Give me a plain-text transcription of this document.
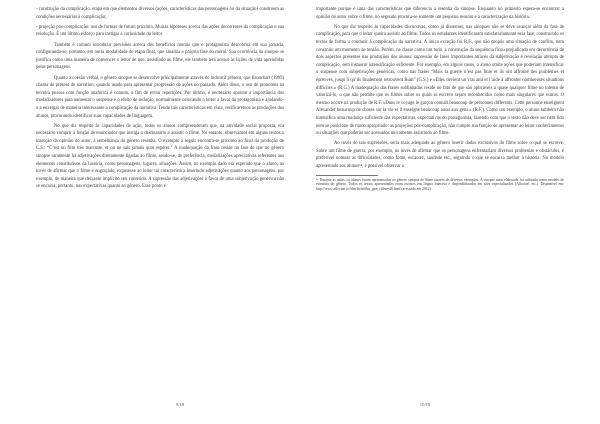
- construção da complicação: etapa em que elementos diversos (ações, características das personagens ou da situação) constroem as condições necessárias à complicação;

- projeção pós-complicação: uso de formas de futuro próximo. Muitas hipóteses acerca das ações decorrentes da complicação e sua resolução. É um último esforço para instigar a curiosidade do leitor.

Também é comum introduzir previsões acerca dos benefícios morais que o protagonista descobrirá em sua jornada, configurando-se, portanto, em outra modalidade de etapa final, que sinaliza a própria fase do moral. Sua ocorrência na sinopse se justifica como uma maneira de convencer o leitor de que, assistindo ao filme, ele também terá acesso às lições de vida aprendidas pelas personagens.

Quanto à coesão verbal, o gênero sinopse se desenvolve principalmente através do indicatif présent, que Bronckart (1999) chama de présent de narration, quando usado para apresentar progressão de ações no passado. Além disso, o uso de pronomes na terceira pessoa com função anafórica é comum, a fim de evitar repetições. Por último, é necessário apontar a importância dos modalizadores para aumentar o suspense e o efeito de sedução, normalmente colocando o leitor a favor do protagonista e ajudando-o a enxergar de maneira interessante a complicação da narrativa. Tendo tais características em vista, verificaremos as produções dos alunos, procurando identificar suas capacidades de linguagem.

No que diz respeito às capacidades de ação, todos os alunos compreenderam que, na atividade social proposta, era necessário cumprir à função de enunciador que instiga o destinatário a assistir o filme. No entanto, observamos em alguns textos a inserção da opinião do autor, à semelhança do gênero resenha. O exemplo a seguir encontra-se próximo ao final da produção de C.S.: “C’est un film très marrante, et on ne sais jamais quoi espérer.” A inadequação da frase reside no fato de que no gênero sinopse raramente há adjetivações diretamente ligadas ao filme, sendo-se, de preferência, modalizações apreciativas referentes aos elementos constitutivos da história, como personagens, lugares, situações. Assim, no exemplo dado era esperado que o aluno, ao invés de afirmar que o filme é engraçado, expusesse ao leitor tal característica inserindo adjetivações quanto aos personagens, por exemplo, de maneira que deixasse implícito seu conteúdo. A supressão das adjetivações a favor de uma subjetivação genérica não se encaixa, portanto, nas expectativas quanto ao gênero. Esse ponto é

9/18

importante porque é uma das características que diferencia a resenha da sinopse. Enquanto no primeiro espera-se encontrar a opinião do autor sobre o filme, no segundo procura-se somente um pequeno resumo e a caracterização da história.

No que diz respeito às capacidades discursivas, como já dissemos, nas sinopses não se deve avançar além da fase de complicação, para que o leitor queira assistir ao filme. Todos os estudantes identificaram satisfatoriamente essa fase, construindo os textos de forma a conduzir à complicação da narrativa. A única exceção foi R.F., que não propôs uma situação de conflito, nem construiu um momento de tensão. Porém, na classe como um todo, a construção da sequência ficou prejudicada em decorrência de dois aspectos presentes nas produções dos alunos: supressão de fases importantes através da subjetivação e revelação abrupta de complicação, sem instaurar intensificação suficiente. Por exemplo, em alguns casos, o aluno omite ações que poderiam intensificar o suspense com subjetivações genéricas, como nas frases “Mais la guerre n’est pas finie et ils ont affronté des problèmes et épreuves, jusqu’à qu’ils finalement retrouvent Rum” (G.S.) e «Elles devient un vrai ami et l’aide à affronter nombreuses situations difficiles.» (R.G.) A inadequação das frases sublinhadas reside no fato de que são aplicáveis a quase qualquer filme no intento de valorizá-lo, o que não permite que os filmes sobre os quais se escreve sejam reconhecidos como mais singulares que outros. O mesmo ocorre na produção de R.F. «Dans le voyage le garçon connaît beaucoup de personnes différents. Cette personne enseignent Alexander beaucoup de choses sur la vie et il enseigne beaucoup aussi aux gens.» (R.F.). Como um exemplo, o aluno também não intensifica uma mudança suficiente das expectativas, expectativas do protagonista, fazendo com que o texto não deve ser nem lido nem se posicione de modo apropriado: as projeções pós-complicação, não cumpre sua função de apresentar ao leitor conhecimentos ou situações que poderão ser acessados unicamente assistindo ao filme.

Ao invés de tais supressões, seria mais adequado ao gênero inserir dados exclusivos do filme sobre o qual se escreve. Sobre um filme de guerra, por exemplo, ao invés de afirmar que os personagens enfrentariam diversos problemas e obstáculos, é preferível nomear as dificuldades, como fome, escassez, saudade etc., seguindo o que se encaixa melhor à história. No modelo apresentado aos alunos¹⁴, é possível observar a

¹⁴ Durante as aulas, os alunos foram apresentados ao gênero sinopse de filme através de diversos exemplos. A sinopse mais elaborada foi utilizada como modelo de estrutura do gênero. Todos os textos apresentados eram escritos em língua francesa e disponibilizados em sites especializados (Allociné, etc.). Disponível em: http://www.allocine.fr/film/fichefilm_gen_cfilm=46.html (acessado em 2012).

10/18
